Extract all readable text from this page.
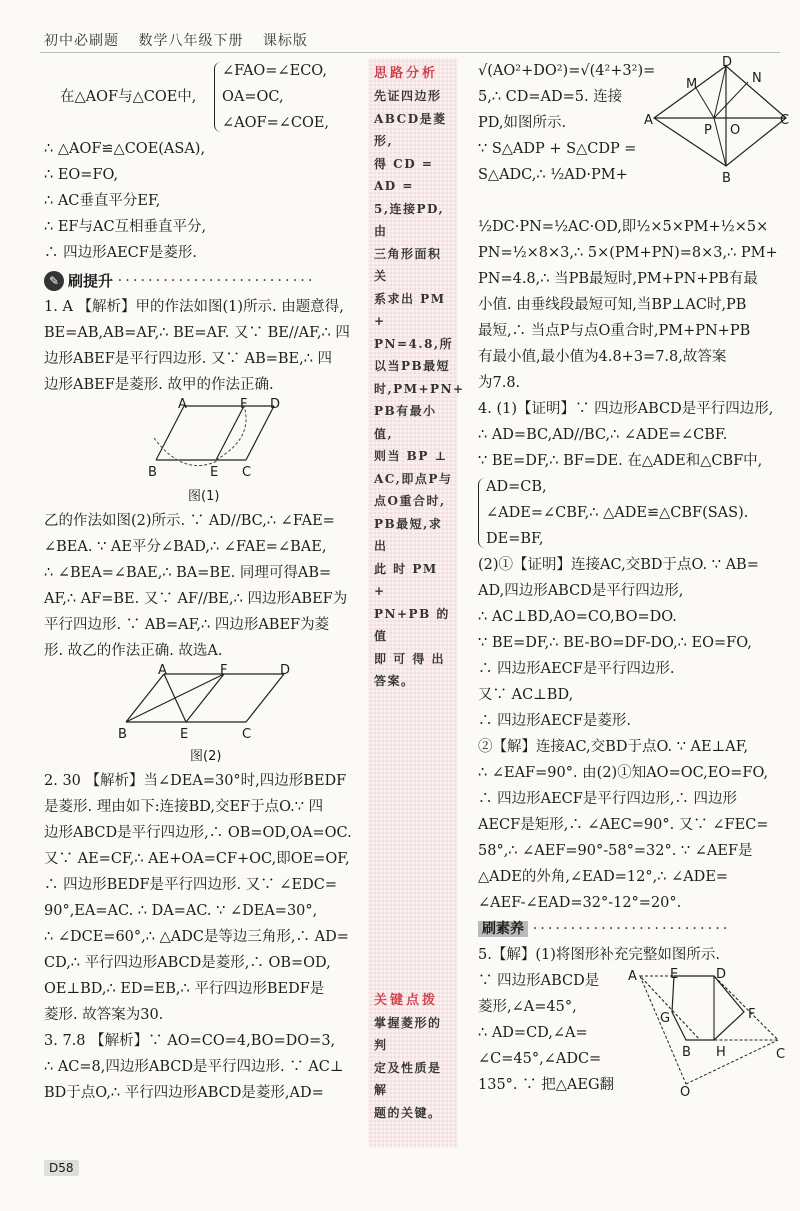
初中必刷题 数学八年级下册 课标版

在△AOF与△COE中,

∠FAO=∠ECO,

OA=OC,

∠AOF=∠COE,

∴ △AOF≌△COE(ASA),

∴ EO=FO,

∴ AC垂直平分EF,

∴ EF与AC互相垂直平分,

∴ 四边形AECF是菱形.

✎ 刷提升 ··························

1. A 【解析】甲的作法如图(1)所示. 由题意得,

BE=AB,AB=AF,∴ BE=AF. 又∵ BE//AF,∴ 四

边形ABEF是平行四边形. 又∵ AB=BE,∴ 四

边形ABEF是菱形. 故甲的作法正确.

A	F D
B	E C
图(1)

乙的作法如图(2)所示. ∵ AD//BC,∴ ∠FAE=

∠BEA. ∵ AE平分∠BAD,∴ ∠FAE=∠BAE,

∴ ∠BEA=∠BAE,∴ BA=BE. 同理可得AB=

AF,∴ AF=BE. 又∵ AF//BE,∴ 四边形ABEF为

平行四边形. ∵ AB=AF,∴ 四边形ABEF为菱

形. 故乙的作法正确. 故选A.

A	F	D
B	E	C
图(2)

2. 30 【解析】当∠DEA=30°时,四边形BEDF

是菱形. 理由如下:连接BD,交EF于点O.∵ 四

边形ABCD是平行四边形,∴ OB=OD,OA=OC.

又∵ AE=CF,∴ AE+OA=CF+OC,即OE=OF,

∴ 四边形BEDF是平行四边形. 又∵ ∠EDC=

90°,EA=AC. ∴ DA=AC. ∵ ∠DEA=30°,

∴ ∠DCE=60°,∴ △ADC是等边三角形,∴ AD=

CD,∴ 平行四边形ABCD是菱形,∴ OB=OD,

OE⊥BD,∴ ED=EB,∴ 平行四边形BEDF是

菱形. 故答案为30.

3. 7.8 【解析】∵ AO=CO=4,BO=DO=3,

∴ AC=8,四边形ABCD是平行四边形. ∵ AC⊥

BD于点O,∴ 平行四边形ABCD是菱形,AD=

思路分析
先证四边形
ABCD是菱形,
得 CD = AD =
5,连接PD,由
三角形面积关
系求出 PM +
PN=4.8,所
以当PB最短
时,PM+PN+
PB有最小值,
则当 BP ⊥
AC,即点P与
点O重合时,
PB最短,求出
此 时 PM +
PN+PB 的值
即 可 得 出
答案。
关键点拨
掌握菱形的判
定及性质是解
题的关键。

√(AO²+DO²)=√(4²+3²)=

5,∴ CD=AD=5. 连接

PD,如图所示.

∵ S△ADP + S△CDP =

S△ADC,∴ ½AD·PM+

D
M	N
A
P O
C
B

½DC·PN=½AC·OD,即½×5×PM+½×5×

PN=½×8×3,∴ 5×(PM+PN)=8×3,∴ PM+

PN=4.8,∴ 当PB最短时,PM+PN+PB有最

小值. 由垂线段最短可知,当BP⊥AC时,PB

最短,∴ 当点P与点O重合时,PM+PN+PB

有最小值,最小值为4.8+3=7.8,故答案

为7.8.

4. (1)【证明】∵ 四边形ABCD是平行四边形,

∴ AD=BC,AD//BC,∴ ∠ADE=∠CBF.

∵ BE=DF,∴ BF=DE. 在△ADE和△CBF中,

AD=CB,

∠ADE=∠CBF,∴ △ADE≌△CBF(SAS).

DE=BF,

(2)①【证明】连接AC,交BD于点O. ∵ AB=

AD,四边形ABCD是平行四边形,

∴ AC⊥BD,AO=CO,BO=DO.

∵ BE=DF,∴ BE-BO=DF-DO,∴ EO=FO,

∴ 四边形AECF是平行四边形.

又∵ AC⊥BD,

∴ 四边形AECF是菱形.

②【解】连接AC,交BD于点O. ∵ AE⊥AF,

∴ ∠EAF=90°. 由(2)①知AO=OC,EO=FO,

∴ 四边形AECF是平行四边形,∴ 四边形

AECF是矩形,∴ ∠AEC=90°. 又∵ ∠FEC=

58°,∴ ∠AEF=90°-58°=32°. ∵ ∠AEF是

△ADE的外角,∠EAD=12°,∴ ∠ADE=

∠AEF-∠EAD=32°-12°=20°.

刷素养 ··························

5.【解】(1)将图形补充完整如图所示.

∵ 四边形ABCD是

菱形,∠A=45°,

∴ AD=CD,∠A=

∠C=45°,∠ADC=

135°. ∵ 把△AEG翻

A	E	D
F
G
B H	C
O
D58
